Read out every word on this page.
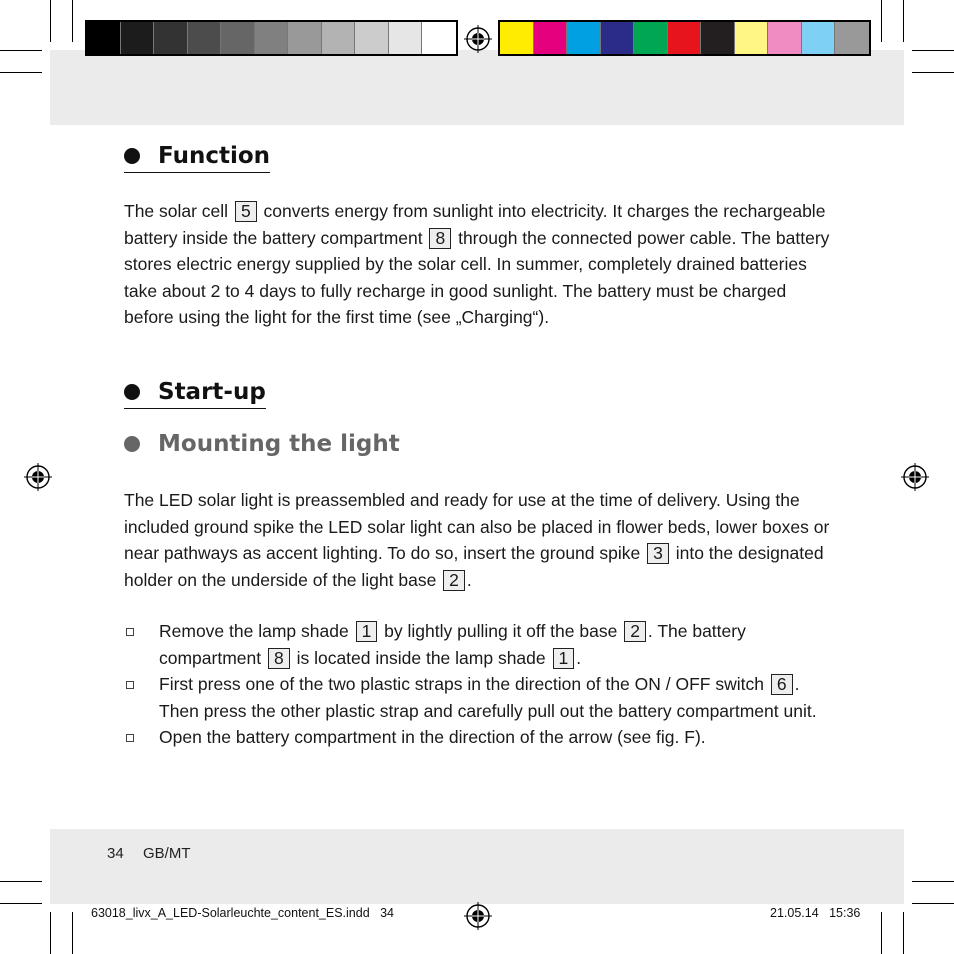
Function

The solar cell 5 converts energy from sunlight into electricity. It charges the rechargeable battery inside the battery compartment 8 through the connected power cable. The battery stores electric energy supplied by the solar cell. In summer, completely drained batteries take about 2 to 4 days to fully recharge in good sunlight. The battery must be charged before using the light for the first time (see „Charging“).

Start-up
Mounting the light

The LED solar light is preassembled and ready for use at the time of delivery. Using the included ground spike the LED solar light can also be placed in flower beds, lower boxes or near pathways as accent lighting. To do so, insert the ground spike 3 into the designated holder on the underside of the light base 2 .

Remove the lamp shade 1 by lightly pulling it off the base 2 . The battery compartment 8 is located inside the lamp shade 1 .
First press one of the two plastic straps in the direction of the ON / OFF switch 6 . Then press the other plastic strap and carefully pull out the battery compartment unit.
Open the battery compartment in the direction of the arrow (see fig. F).
34 GB/MT
63018_livx_A_LED-Solarleuchte_content_ES.indd 34	21.05.14 15:36
